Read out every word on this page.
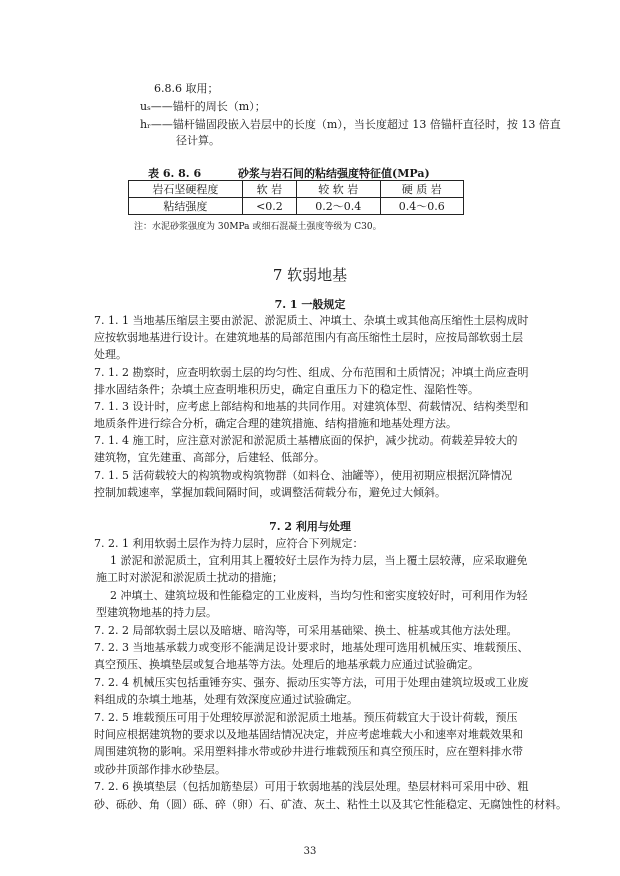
6.8.6 取用；
uₛ——锚杆的周长（m）；
hᵣ——锚杆锚固段嵌入岩层中的长度（m），当长度超过 13 倍锚杆直径时，按 13 倍直
径计算。
表 6. 8. 6	砂浆与岩石间的粘结强度特征值(MPa)
岩石坚硬程度	软 岩	较 软 岩	硬 质 岩
粘结强度	<0.2	0.2～0.4	0.4～0.6
注：水泥砂浆强度为 30MPa 或细石混凝土强度等级为 C30。
7 软弱地基
7. 1 一般规定
7. 1. 1 当地基压缩层主要由淤泥、淤泥质土、冲填土、杂填土或其他高压缩性土层构成时
应按软弱地基进行设计。在建筑地基的局部范围内有高压缩性土层时，应按局部软弱土层
处理。
7. 1. 2 勘察时，应查明软弱土层的均匀性、组成、分布范围和土质情况；冲填土尚应查明
排水固结条件；杂填土应查明堆积历史，确定自重压力下的稳定性、湿陷性等。
7. 1. 3 设计时，应考虑上部结构和地基的共同作用。对建筑体型、荷载情况、结构类型和
地质条件进行综合分析，确定合理的建筑措施、结构措施和地基处理方法。
7. 1. 4 施工时，应注意对淤泥和淤泥质土基槽底面的保护，减少扰动。荷载差异较大的
建筑物，宜先建重、高部分，后建轻、低部分。
7. 1. 5 活荷载较大的构筑物或构筑物群（如料仓、油罐等），使用初期应根据沉降情况
控制加载速率，掌握加载间隔时间，或调整活荷载分布，避免过大倾斜。
7. 2 利用与处理
7. 2. 1 利用软弱土层作为持力层时，应符合下列规定：
1 淤泥和淤泥质土，宜利用其上覆较好土层作为持力层，当上覆土层较薄，应采取避免
施工时对淤泥和淤泥质土扰动的措施；
2 冲填土、建筑垃圾和性能稳定的工业废料，当均匀性和密实度较好时，可利用作为轻
型建筑物地基的持力层。
7. 2. 2 局部软弱土层以及暗塘、暗沟等，可采用基础梁、换土、桩基或其他方法处理。
7. 2. 3 当地基承载力或变形不能满足设计要求时，地基处理可选用机械压实、堆载预压、
真空预压、换填垫层或复合地基等方法。处理后的地基承载力应通过试验确定。
7. 2. 4 机械压实包括重锤夯实、强夯、振动压实等方法，可用于处理由建筑垃圾或工业废
料组成的杂填土地基，处理有效深度应通过试验确定。
7. 2. 5 堆载预压可用于处理较厚淤泥和淤泥质土地基。预压荷载宜大于设计荷载，预压
时间应根据建筑物的要求以及地基固结情况决定，并应考虑堆载大小和速率对堆载效果和
周围建筑物的影响。采用塑料排水带或砂井进行堆载预压和真空预压时，应在塑料排水带
或砂井顶部作排水砂垫层。
7. 2. 6 换填垫层（包括加筋垫层）可用于软弱地基的浅层处理。垫层材料可采用中砂、粗
砂、砾砂、角（圆）砾、碎（卵）石、矿渣、灰土、粘性土以及其它性能稳定、无腐蚀性的材料。
33
